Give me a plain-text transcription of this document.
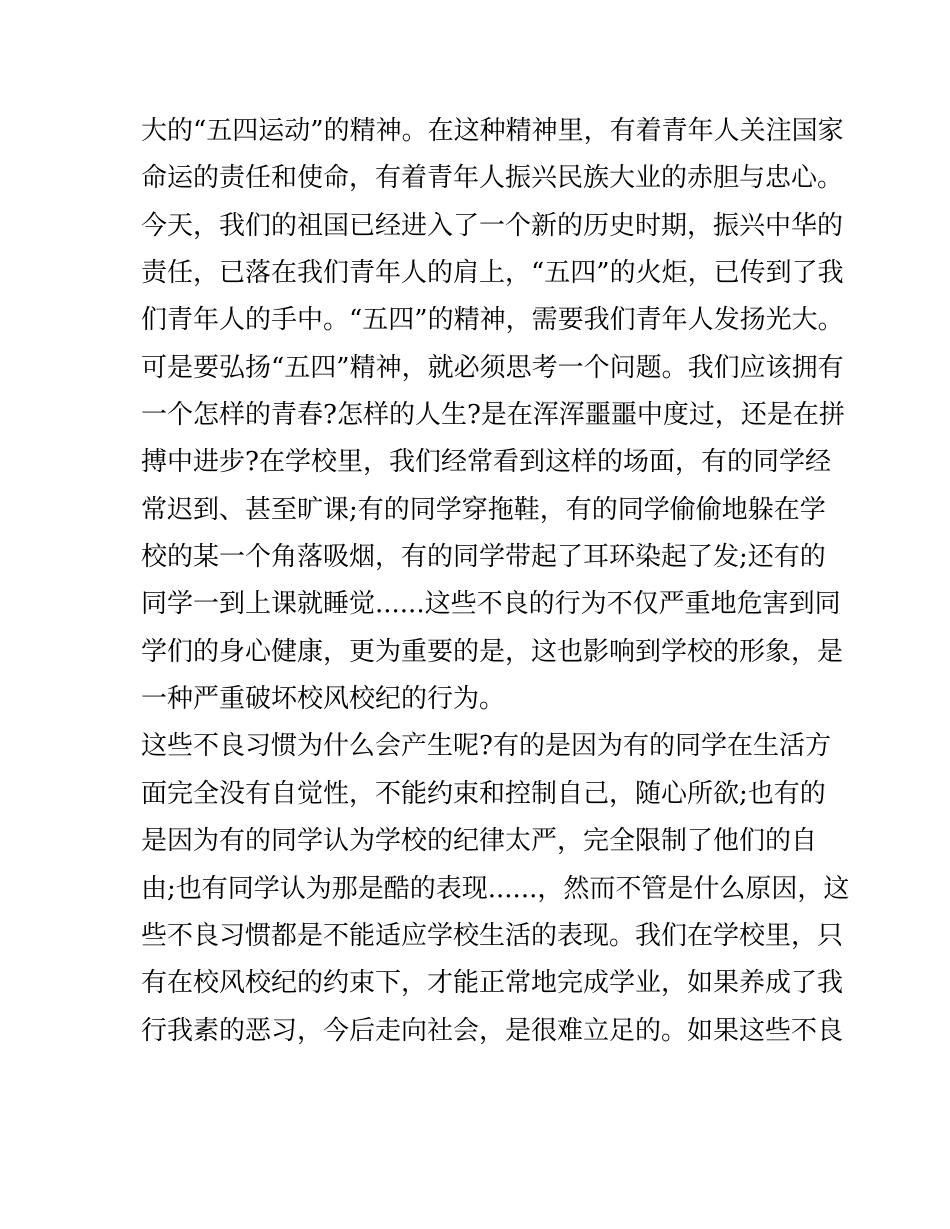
大的“五四运动”的精神。在这种精神里，有着青年人关注国家
命运的责任和使命，有着青年人振兴民族大业的赤胆与忠心。
今天，我们的祖国已经进入了一个新的历史时期，振兴中华的
责任，已落在我们青年人的肩上，“五四”的火炬，已传到了我
们青年人的手中。“五四”的精神，需要我们青年人发扬光大。
可是要弘扬“五四”精神，就必须思考一个问题。我们应该拥有
一个怎样的青春?怎样的人生?是在浑浑噩噩中度过，还是在拼
搏中进步?在学校里，我们经常看到这样的场面，有的同学经
常迟到、甚至旷课;有的同学穿拖鞋，有的同学偷偷地躲在学
校的某一个角落吸烟，有的同学带起了耳环染起了发;还有的
同学一到上课就睡觉......这些不良的行为不仅严重地危害到同
学们的身心健康，更为重要的是，这也影响到学校的形象，是
一种严重破坏校风校纪的行为。
这些不良习惯为什么会产生呢?有的是因为有的同学在生活方
面完全没有自觉性，不能约束和控制自己，随心所欲;也有的
是因为有的同学认为学校的纪律太严，完全限制了他们的自
由;也有同学认为那是酷的表现......，然而不管是什么原因，这
些不良习惯都是不能适应学校生活的表现。我们在学校里，只
有在校风校纪的约束下，才能正常地完成学业，如果养成了我
行我素的恶习，今后走向社会，是很难立足的。如果这些不良
